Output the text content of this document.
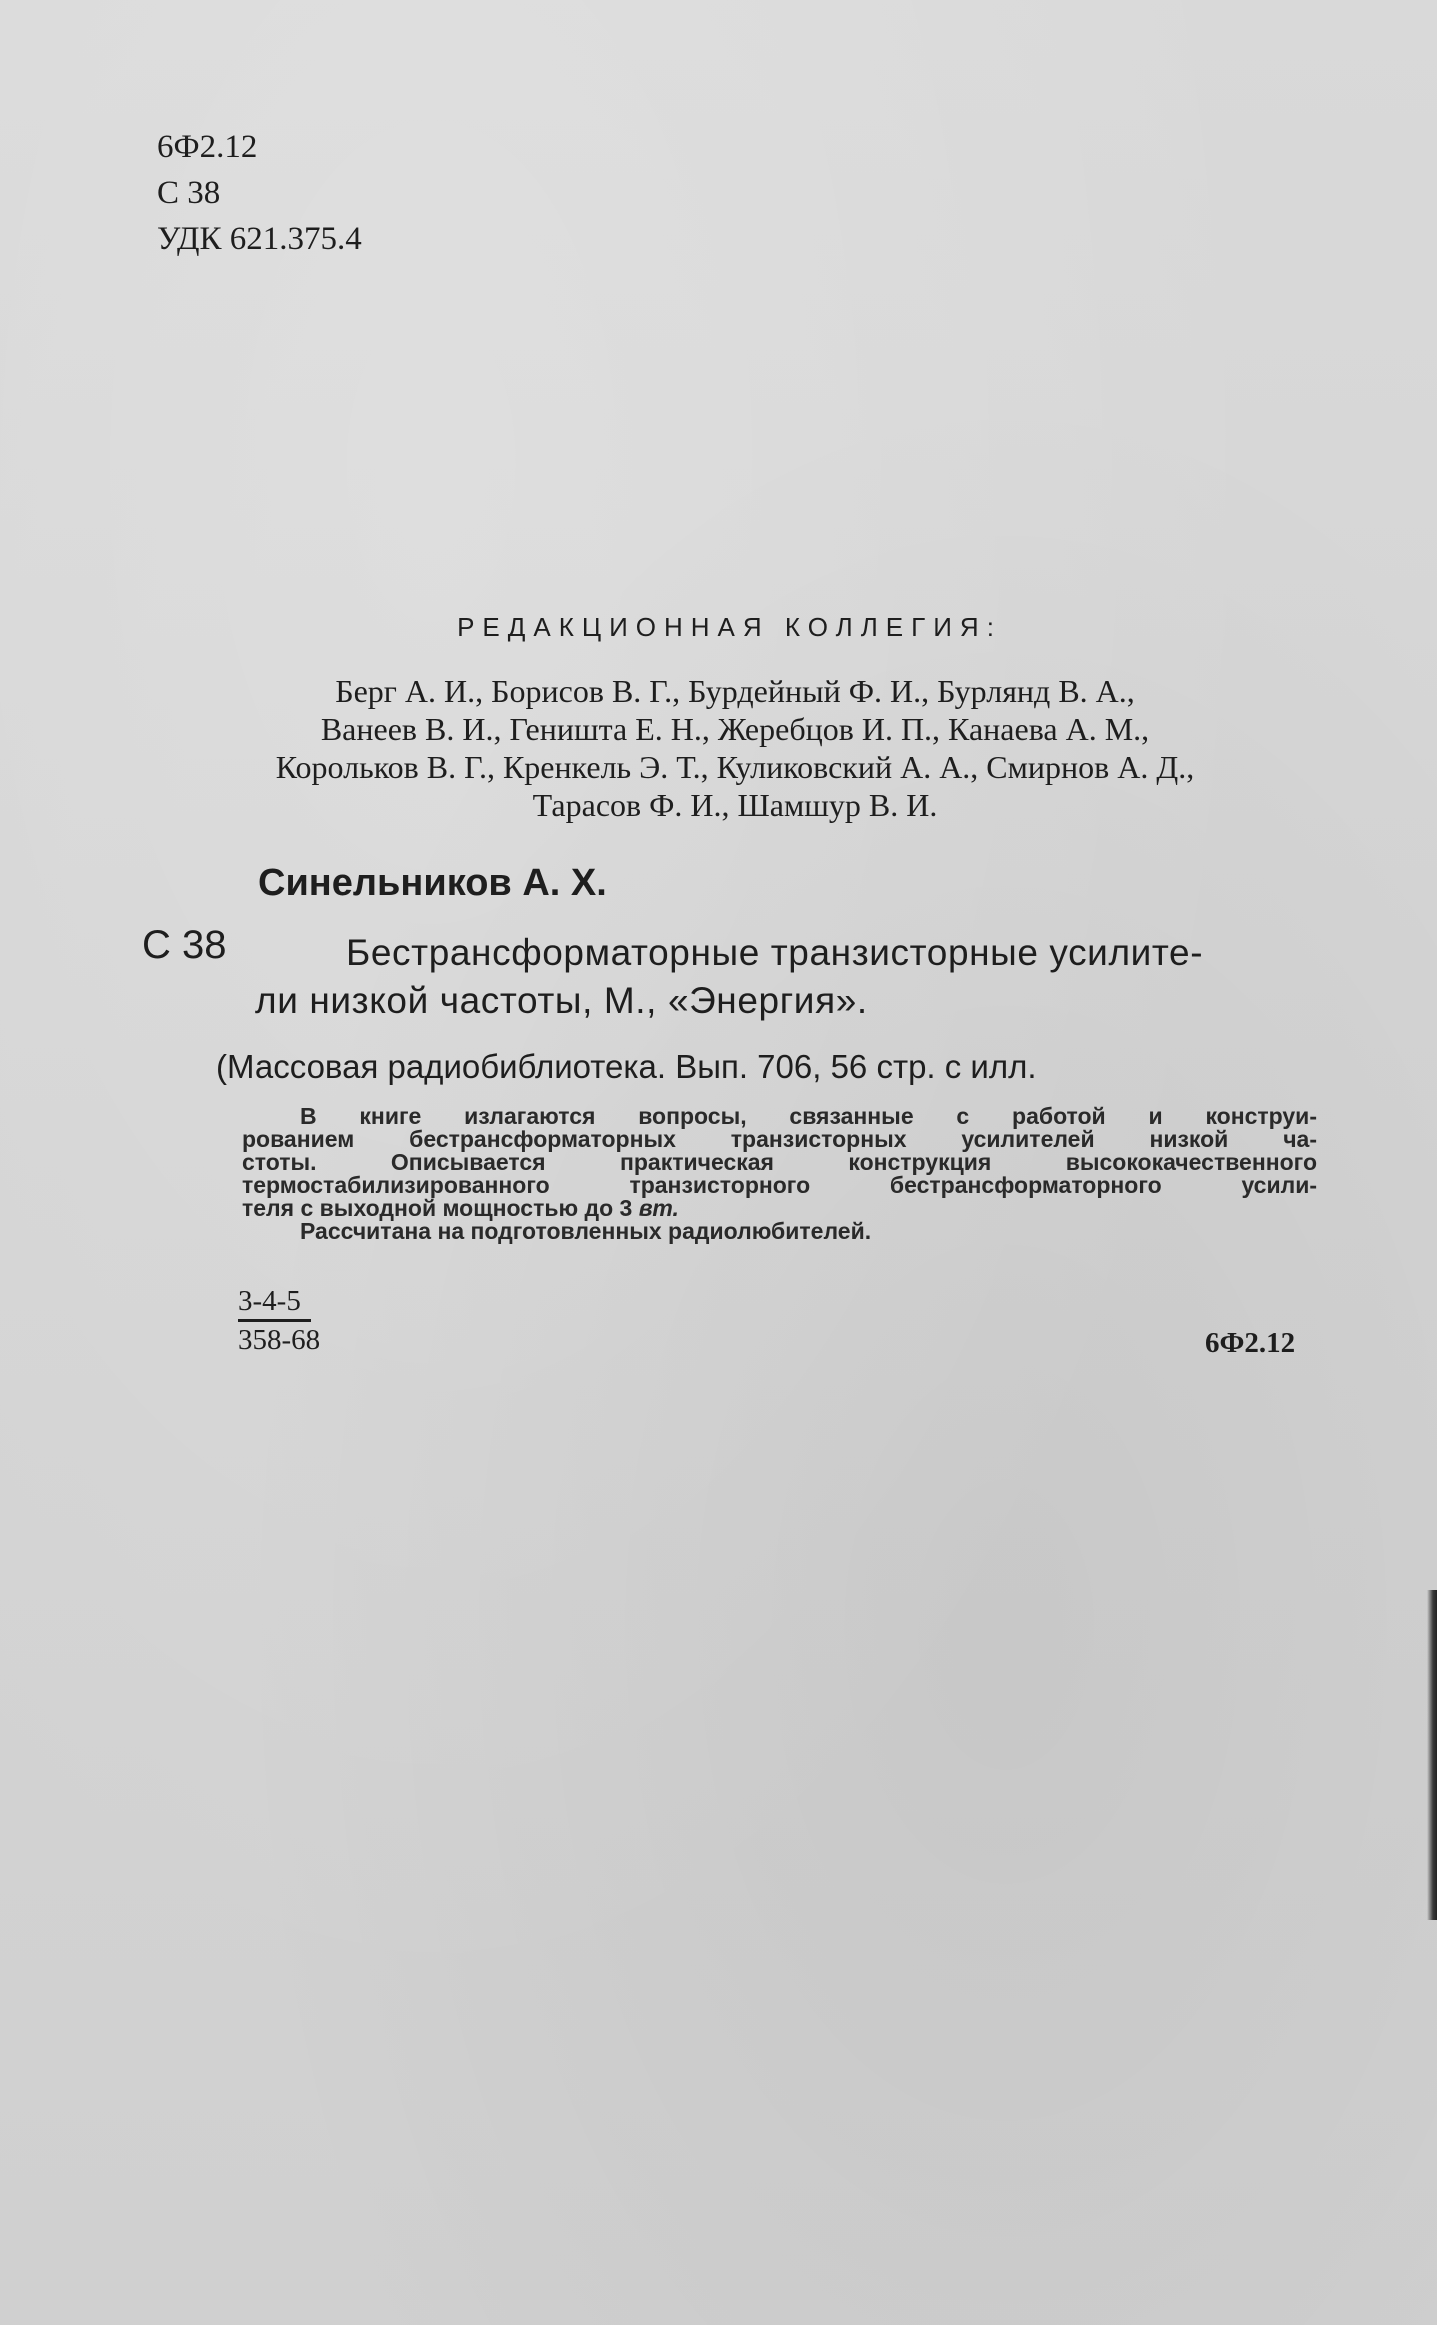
6Ф2.12
С 38
УДК 621.375.4
РЕДАКЦИОННАЯ КОЛЛЕГИЯ:
Берг А. И., Борисов В. Г., Бурдейный Ф. И., Бурлянд В. А.,
Ванеев В. И., Геништа Е. Н., Жеребцов И. П., Канаева А. М.,
Корольков В. Г., Кренкель Э. Т., Куликовский А. А., Смирнов А. Д.,
Тарасов Ф. И., Шамшур В. И.
Синельников А. Х.
С 38	Бестрансформаторные транзисторные усилите-
ли низкой частоты, М., «Энергия».
(Массовая радиобиблиотека. Вып. 706, 56 стр. с илл.
В книге излагаются вопросы, связанные с работой и конструи-
рованием бестрансформаторных транзисторных усилителей низкой ча-
стоты. Описывается практическая конструкция высококачественного
термостабилизированного транзисторного бестрансформаторного усили-
теля с выходной мощностью до 3 вт.
Рассчитана на подготовленных радиолюбителей.
3-4-5
358-68	6Ф2.12
